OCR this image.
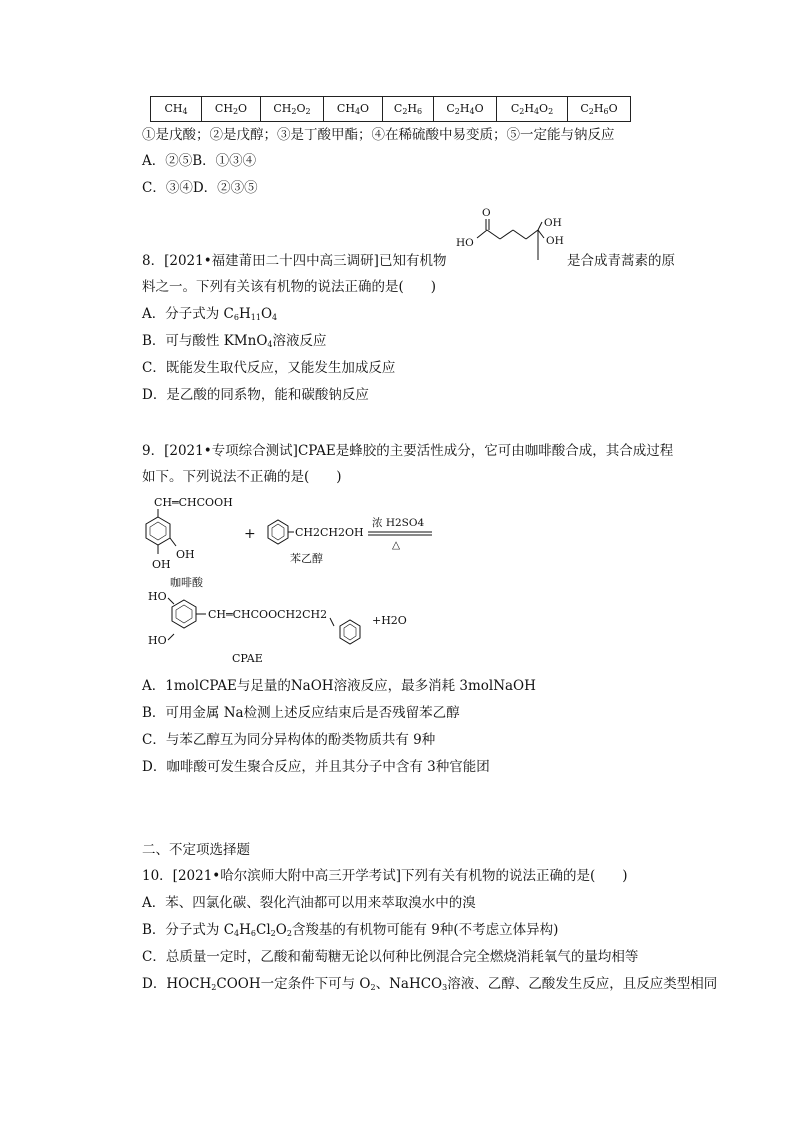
$CH_4$	$CH_2O$	$CH_2O_2$	$CH_4O$	$C_2H_6$	$C_2H_4O$	$C_2H_4O_2$	$C_2H_6O$
①是戊酸；②是戊醇；③是丁酸甲酯；④在稀硫酸中易变质；⑤一定能与钠反应
A．②⑤B．①③④
C．③④D．②③⑤
8．[2021•福建莆田二十四中高三调研]已知有机物
O
HO
OH
OH
是合成青蒿素的原
料之一。下列有关该有机物的说法正确的是(　　)
A．分子式为 $C_6H_{11}O_4$
B．可与酸性 KMnO$_4$溶液反应
C．既能发生取代反应，又能发生加成反应
D．是乙酸的同系物，能和碳酸钠反应
9．[2021•专项综合测试]CPAE是蜂胶的主要活性成分，它可由咖啡酸合成，其合成过程
如下。下列说法不正确的是(　　)
CH═CHCOOH
OH
OH
咖啡酸
+	CH2CH2OH
苯乙醇
浓 H2SO4
△
HO
HO
CH═CHCOOCH2CH2	+H2O
CPAE
A．1molCPAE与足量的NaOH溶液反应，最多消耗 3molNaOH
B．可用金属 Na检测上述反应结束后是否残留苯乙醇
C．与苯乙醇互为同分异构体的酚类物质共有 9种
D．咖啡酸可发生聚合反应，并且其分子中含有 3种官能团
二、不定项选择题
10．[2021•哈尔滨师大附中高三开学考试]下列有关有机物的说法正确的是(　　)
A．苯、四氯化碳、裂化汽油都可以用来萃取溴水中的溴
B．分子式为 $C_4H_6Cl_2O_2$含羧基的有机物可能有 9种(不考虑立体异构)
C．总质量一定时，乙酸和葡萄糖无论以何种比例混合完全燃烧消耗氧气的量均相等
D．$HOCH_2COOH$一定条件下可与 $O_2$、NaHCO$_3$溶液、乙醇、乙酸发生反应，且反应类型相同
